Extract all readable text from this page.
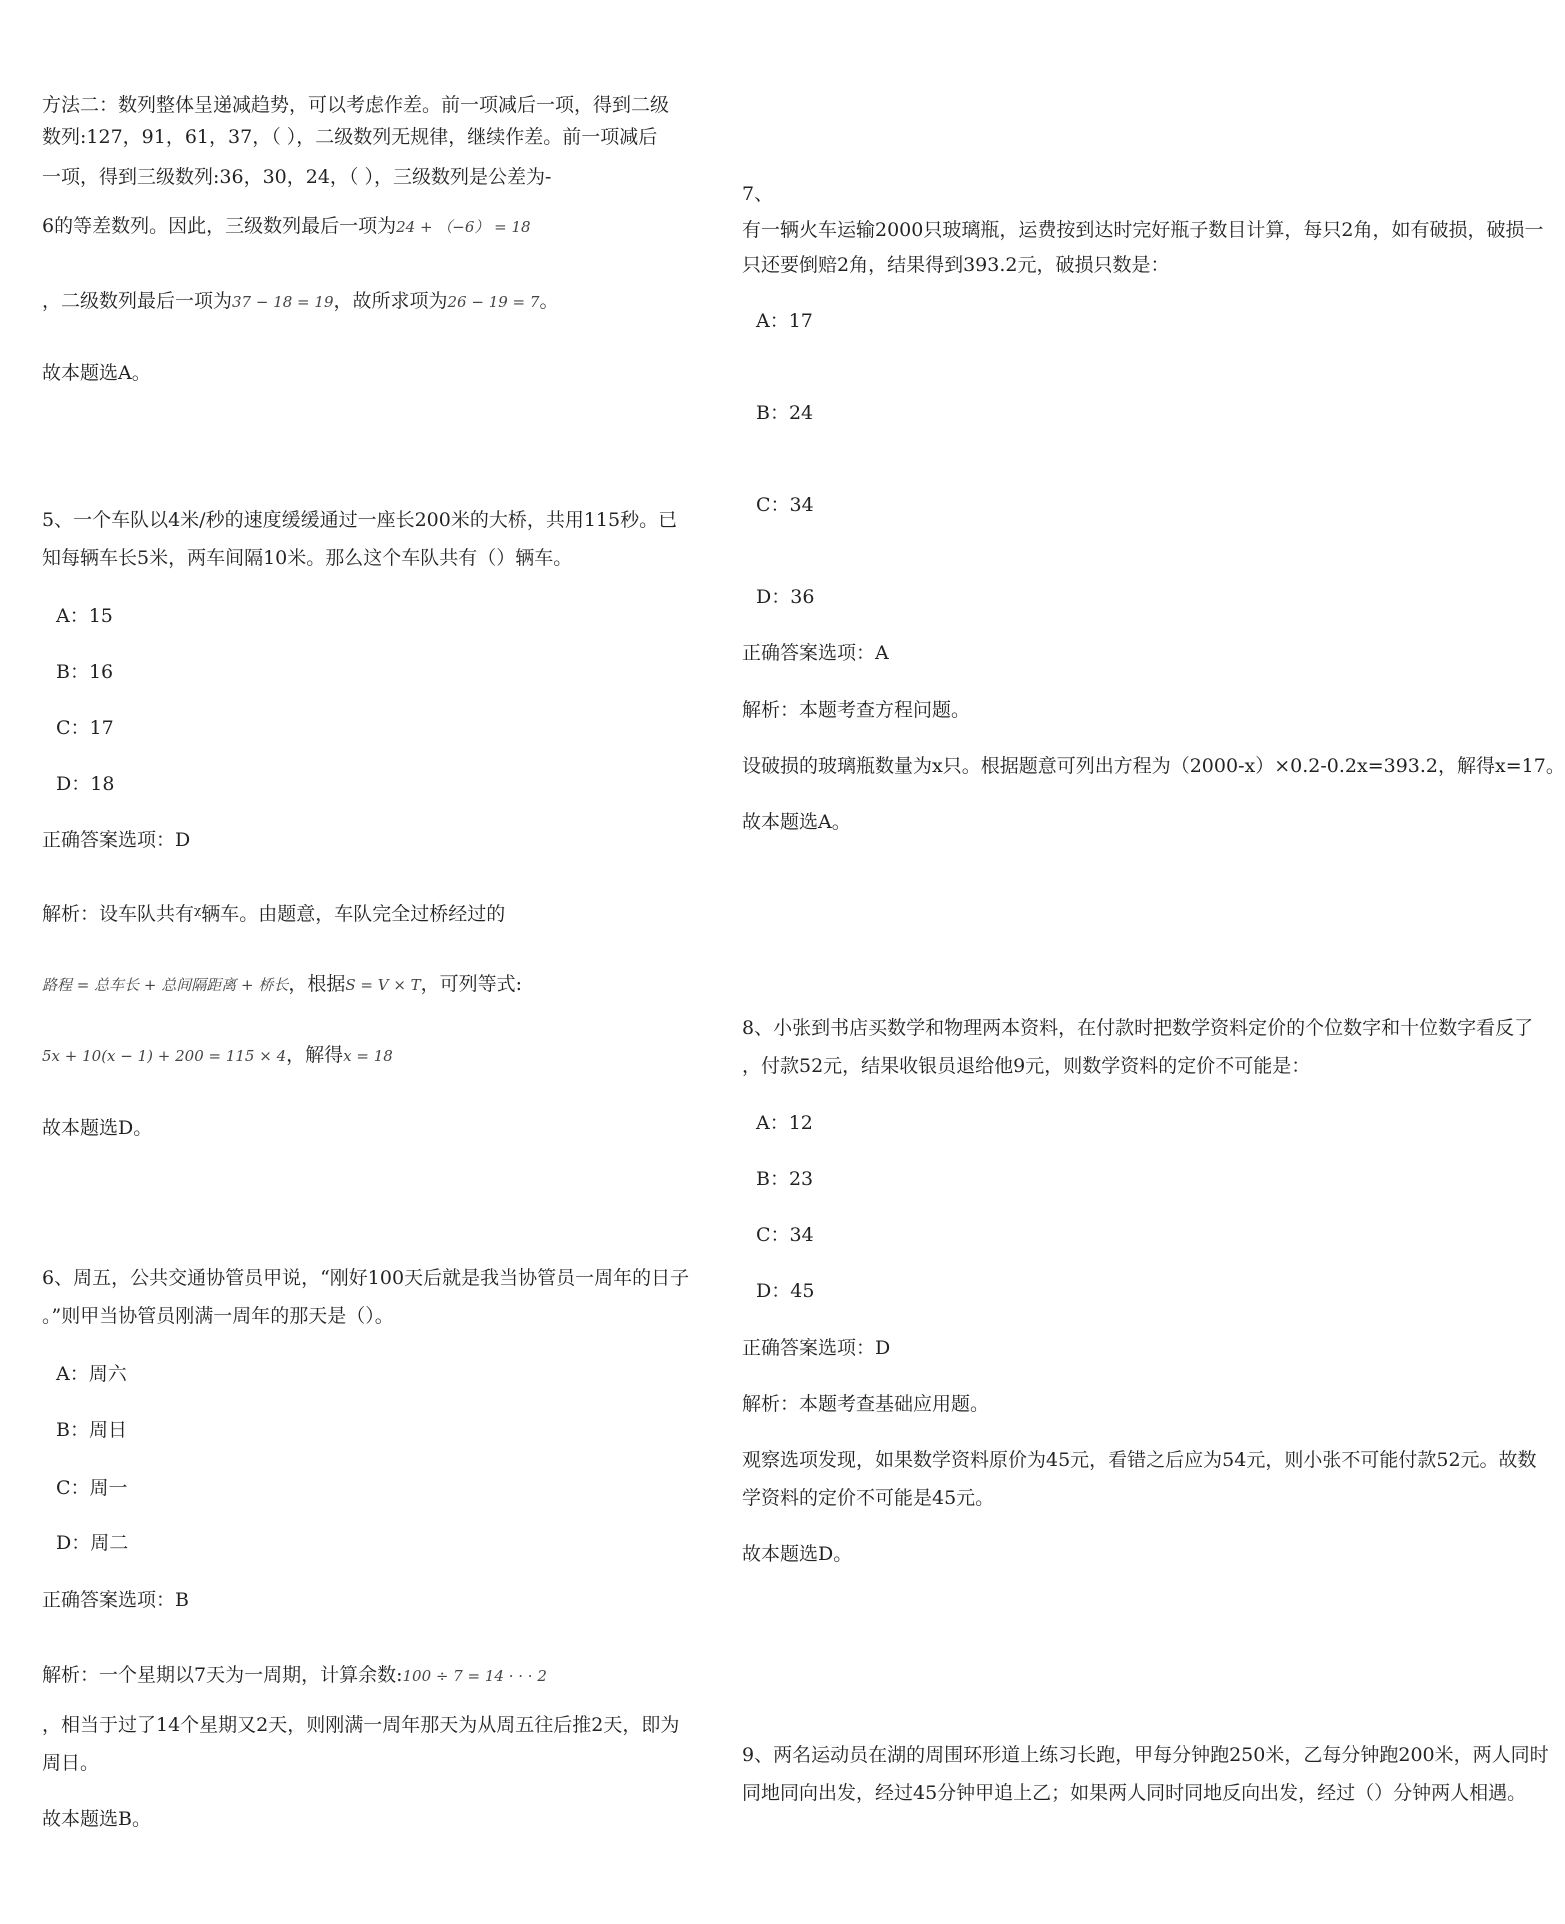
方法二：数列整体呈递减趋势，可以考虑作差。前一项减后一项，得到二级
数列:127，91，61，37，（ ），二级数列无规律，继续作差。前一项减后
一项，得到三级数列:36，30，24，（ ），三级数列是公差为-
6的等差数列。因此，三级数列最后一项为24 + （−6） = 18
，二级数列最后一项为37 − 18 = 19，故所求项为26 − 19 = 7。
故本题选A。
5、一个车队以4米/秒的速度缓缓通过一座长200米的大桥，共用115秒。已
知每辆车长5米，两车间隔10米。那么这个车队共有（）辆车。
A：15
B：16
C：17
D：18
正确答案选项：D
解析：设车队共有ᵡ辆车。由题意，车队完全过桥经过的
路程 = 总车长 + 总间隔距离 + 桥长，根据S = V × T，可列等式:
5x + 10(x − 1) + 200 = 115 × 4，解得x = 18
故本题选D。
6、周五，公共交通协管员甲说，“刚好100天后就是我当协管员一周年的日子
。”则甲当协管员刚满一周年的那天是（）。
A：周六
B：周日
C：周一
D：周二
正确答案选项：B
解析：一个星期以7天为一周期，计算余数:100 ÷ 7 = 14 · · · 2
，相当于过了14个星期又2天，则刚满一周年那天为从周五往后推2天，即为
周日。
故本题选B。
7、
有一辆火车运输2000只玻璃瓶，运费按到达时完好瓶子数目计算，每只2角，如有破损，破损一
只还要倒赔2角，结果得到393.2元，破损只数是：
A：17
B：24
C：34
D：36
正确答案选项：A
解析：本题考查方程问题。
设破损的玻璃瓶数量为x只。根据题意可列出方程为（2000-x）×0.2-0.2x=393.2，解得x=17。
故本题选A。
8、小张到书店买数学和物理两本资料，在付款时把数学资料定价的个位数字和十位数字看反了
，付款52元，结果收银员退给他9元，则数学资料的定价不可能是：
A：12
B：23
C：34
D：45
正确答案选项：D
解析：本题考查基础应用题。
观察选项发现，如果数学资料原价为45元，看错之后应为54元，则小张不可能付款52元。故数
学资料的定价不可能是45元。
故本题选D。
9、两名运动员在湖的周围环形道上练习长跑，甲每分钟跑250米，乙每分钟跑200米，两人同时
同地同向出发，经过45分钟甲追上乙；如果两人同时同地反向出发，经过（）分钟两人相遇。
